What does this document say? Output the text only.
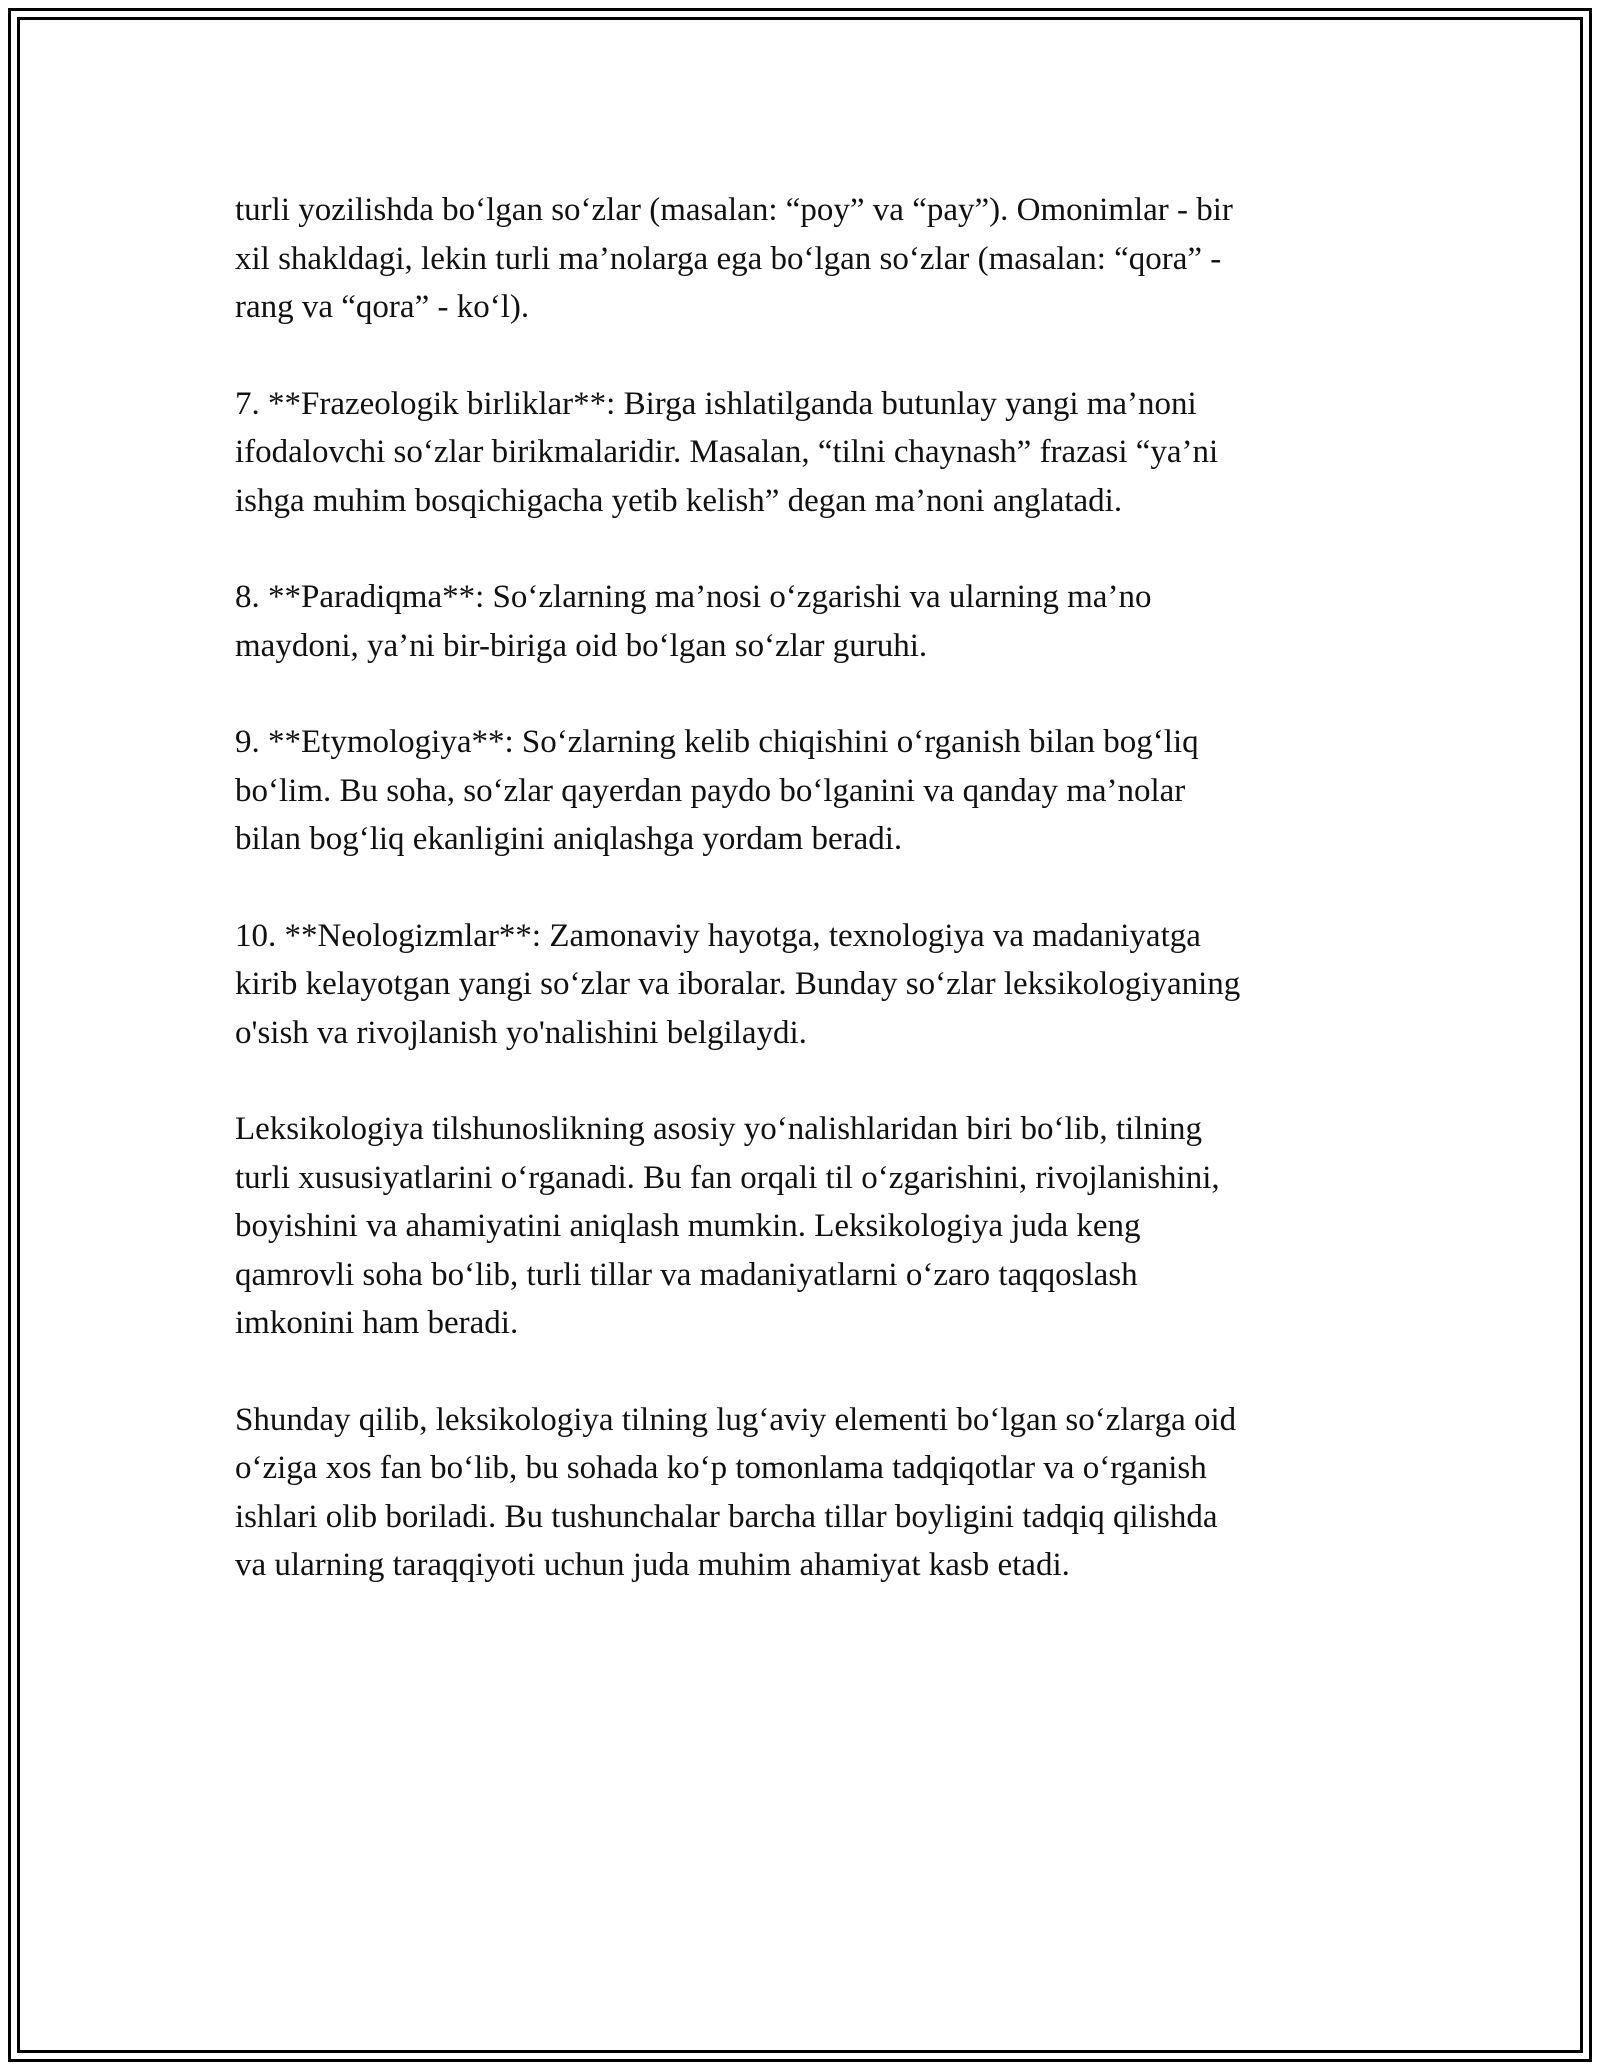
turli yozilishda bo‘lgan so‘zlar (masalan: “poy” va “pay”). Omonimlar - bir
xil shakldagi, lekin turli ma’nolarga ega bo‘lgan so‘zlar (masalan: “qora” -
rang va “qora” - ko‘l).

7. **Frazeologik birliklar**: Birga ishlatilganda butunlay yangi ma’noni
ifodalovchi so‘zlar birikmalaridir. Masalan, “tilni chaynash” frazasi “ya’ni
ishga muhim bosqichigacha yetib kelish” degan ma’noni anglatadi.

8. **Paradiqma**: So‘zlarning ma’nosi o‘zgarishi va ularning ma’no
maydoni, ya’ni bir-biriga oid bo‘lgan so‘zlar guruhi.

9. **Etymologiya**: So‘zlarning kelib chiqishini o‘rganish bilan bog‘liq
bo‘lim. Bu soha, so‘zlar qayerdan paydo bo‘lganini va qanday ma’nolar
bilan bog‘liq ekanligini aniqlashga yordam beradi.

10. **Neologizmlar**: Zamonaviy hayotga, texnologiya va madaniyatga
kirib kelayotgan yangi so‘zlar va iboralar. Bunday so‘zlar leksikologiyaning
o'sish va rivojlanish yo'nalishini belgilaydi.

Leksikologiya tilshunoslikning asosiy yo‘nalishlaridan biri bo‘lib, tilning
turli xususiyatlarini o‘rganadi. Bu fan orqali til o‘zgarishini, rivojlanishini,
boyishini va ahamiyatini aniqlash mumkin. Leksikologiya juda keng
qamrovli soha bo‘lib, turli tillar va madaniyatlarni o‘zaro taqqoslash
imkonini ham beradi.

Shunday qilib, leksikologiya tilning lug‘aviy elementi bo‘lgan so‘zlarga oid
o‘ziga xos fan bo‘lib, bu sohada ko‘p tomonlama tadqiqotlar va o‘rganish
ishlari olib boriladi. Bu tushunchalar barcha tillar boyligini tadqiq qilishda
va ularning taraqqiyoti uchun juda muhim ahamiyat kasb etadi.
